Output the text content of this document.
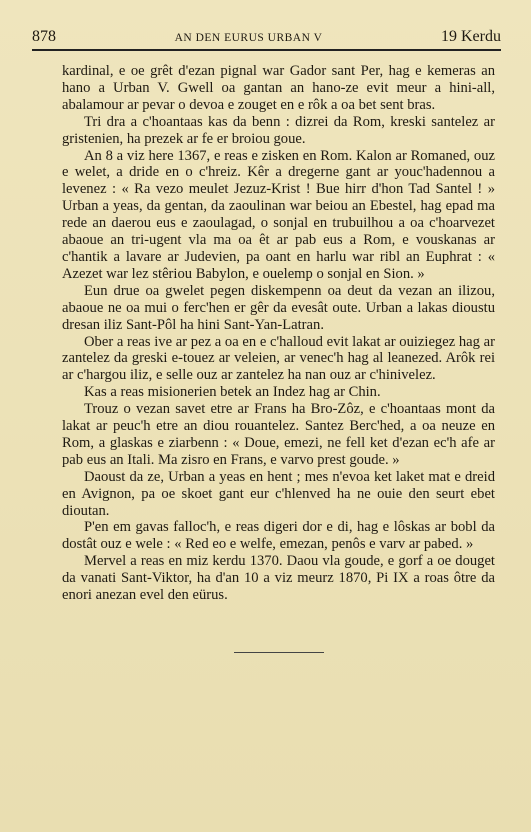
878	AN DEN EURUS URBAN V	19 Kerdu

kardinal, e oe grêt d'ezan pignal war Gador sant Per, hag e kemeras an hano a Urban V. Gwell oa gantan an hano-ze evit meur a hini-all, abalamour ar pevar o devoa e zouget en e rôk a oa bet sent bras.

Tri dra a c'hoantaas kas da benn : dizrei da Rom, kreski santelez ar gristenien, ha prezek ar fe er broiou goue.

An 8 a viz here 1367, e reas e zisken en Rom. Kalon ar Romaned, ouz e welet, a dride en o c'hreiz. Kêr a dregerne gant ar youc'hadennou a levenez : « Ra vezo meulet Jezuz-Krist ! Bue hirr d'hon Tad Santel ! » Urban a yeas, da gentan, da zaoulinan war beiou an Ebestel, hag epad ma rede an daerou eus e zaoulagad, o sonjal en trubuilhou a oa c'hoarvezet abaoue an tri-ugent vla ma oa êt ar pab eus a Rom, e vouskanas ar c'hantik a lavare ar Judevien, pa oant en harlu war ribl an Euphrat : « Azezet war lez stêriou Babylon, e ouelemp o sonjal en Sion. »

Eun drue oa gwelet pegen diskempenn oa deut da vezan an ilizou, abaoue ne oa mui o ferc'hen er gêr da evesât oute. Urban a lakas dioustu dresan iliz Sant-Pôl ha hini Sant-Yan-Latran.

Ober a reas ive ar pez a oa en e c'halloud evit lakat ar ouiziegez hag ar zantelez da greski e-touez ar veleien, ar venec'h hag al leanezed. Arôk rei ar c'hargou iliz, e selle ouz ar zantelez ha nan ouz ar c'hinivelez.

Kas a reas misionerien betek an Indez hag ar Chin.

Trouz o vezan savet etre ar Frans ha Bro-Zôz, e c'hoantaas mont da lakat ar peuc'h etre an diou rouantelez. Santez Berc'hed, a oa neuze en Rom, a glaskas e ziarbenn : « Doue, emezi, ne fell ket d'ezan ec'h afe ar pab eus an Itali. Ma zisro en Frans, e varvo prest goude. »

Daoust da ze, Urban a yeas en hent ; mes n'evoa ket laket mat e dreid en Avignon, pa oe skoet gant eur c'hlenved ha ne ouie den seurt ebet dioutan.

P'en em gavas falloc'h, e reas digeri dor e di, hag e lôskas ar bobl da dostât ouz e wele : « Red eo e welfe, emezan, penôs e varv ar pabed. »

Mervel a reas en miz kerdu 1370. Daou vla goude, e gorf a oe douget da vanati Sant-Viktor, ha d'an 10 a viz meurz 1870, Pi IX a roas ôtre da enori anezan evel den eürus.
